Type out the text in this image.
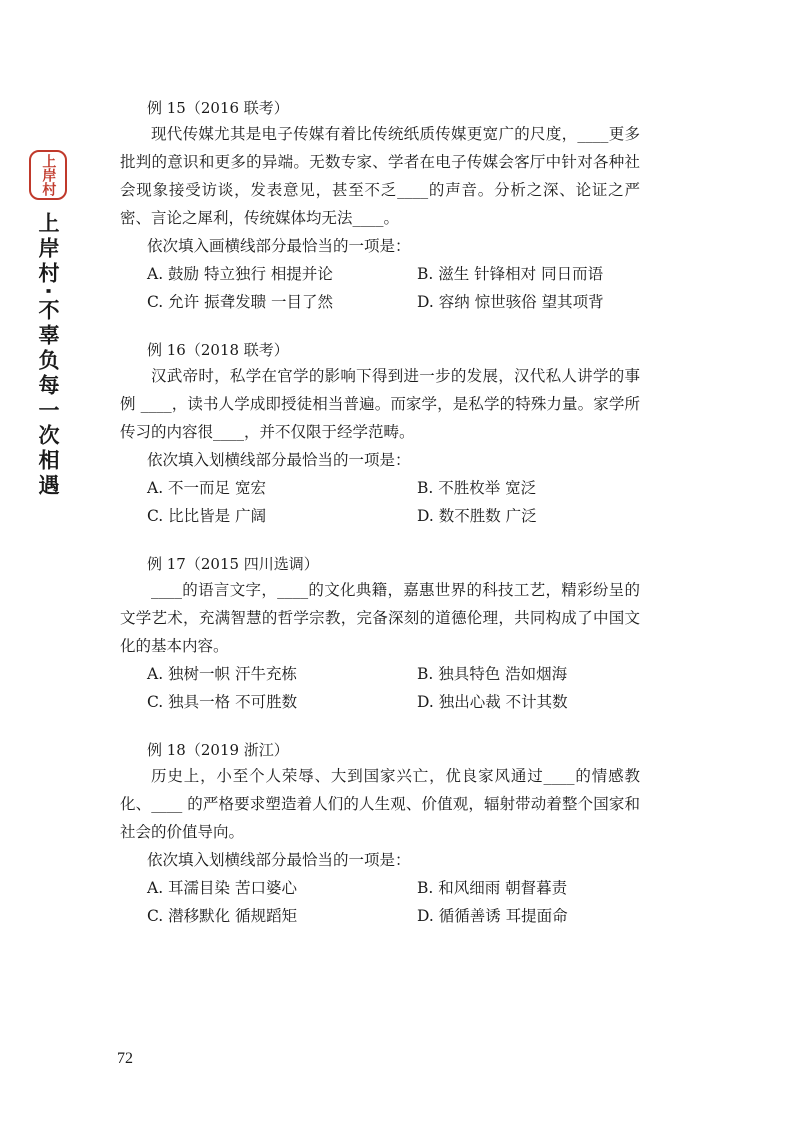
上岸村
上岸村·不辜负每一次相遇
例 15（2016 联考）

现代传媒尤其是电子传媒有着比传统纸质传媒更宽广的尺度，____更多批判的意识和更多的异端。无数专家、学者在电子传媒会客厅中针对各种社会现象接受访谈，发表意见，甚至不乏____的声音。分析之深、论证之严密、言论之犀利，传统媒体均无法____。

依次填入画横线部分最恰当的一项是：
A. 鼓励 特立独行 相提并论	B. 滋生 针锋相对 同日而语
C. 允许 振聋发聩 一目了然	D. 容纳 惊世骇俗 望其项背
例 16（2018 联考）

汉武帝时，私学在官学的影响下得到进一步的发展，汉代私人讲学的事例 ____，读书人学成即授徒相当普遍。而家学，是私学的特殊力量。家学所传习的内容很____，并不仅限于经学范畴。

依次填入划横线部分最恰当的一项是：
A. 不一而足 宽宏	B. 不胜枚举 宽泛
C. 比比皆是 广阔	D. 数不胜数 广泛
例 17（2015 四川选调）

____的语言文字，____的文化典籍，嘉惠世界的科技工艺，精彩纷呈的文学艺术，充满智慧的哲学宗教，完备深刻的道德伦理，共同构成了中国文化的基本内容。

A. 独树一帜 汗牛充栋	B. 独具特色 浩如烟海
C. 独具一格 不可胜数	D. 独出心裁 不计其数
例 18（2019 浙江）

历史上，小至个人荣辱、大到国家兴亡，优良家风通过____的情感教化、____ 的严格要求塑造着人们的人生观、价值观，辐射带动着整个国家和社会的价值导向。

依次填入划横线部分最恰当的一项是：
A. 耳濡目染 苦口婆心	B. 和风细雨 朝督暮责
C. 潜移默化 循规蹈矩	D. 循循善诱 耳提面命
72
